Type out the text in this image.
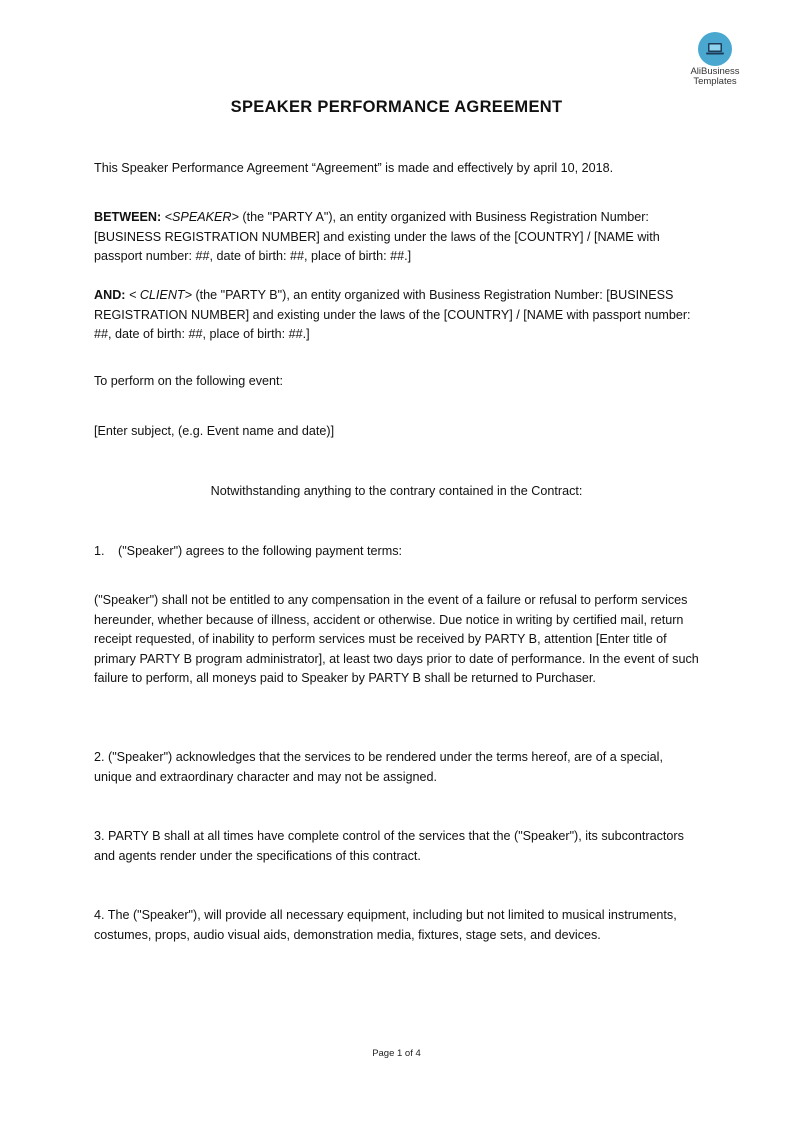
AliBusiness
Templates
SPEAKER PERFORMANCE AGREEMENT

This Speaker Performance Agreement “Agreement” is made and effectively by april 10, 2018.

BETWEEN: <SPEAKER> (the "PARTY A"), an entity organized with Business Registration Number: [BUSINESS REGISTRATION NUMBER] and existing under the laws of the [COUNTRY] / [NAME with passport number: ##, date of birth: ##, place of birth: ##.]

AND: < CLIENT> (the "PARTY B"), an entity organized with Business Registration Number: [BUSINESS REGISTRATION NUMBER] and existing under the laws of the [COUNTRY] / [NAME with passport number: ##, date of birth: ##, place of birth: ##.]

To perform on the following event:

[Enter subject, (e.g. Event name and date)]

Notwithstanding anything to the contrary contained in the Contract:

1. ("Speaker") agrees to the following payment terms:

("Speaker") shall not be entitled to any compensation in the event of a failure or refusal to perform services hereunder, whether because of illness, accident or otherwise. Due notice in writing by certified mail, return receipt requested, of inability to perform services must be received by PARTY B, attention [Enter title of primary PARTY B program administrator], at least two days prior to date of performance. In the event of such failure to perform, all moneys paid to Speaker by PARTY B shall be returned to Purchaser.

2. ("Speaker") acknowledges that the services to be rendered under the terms hereof, are of a special, unique and extraordinary character and may not be assigned.

3. PARTY B shall at all times have complete control of the services that the ("Speaker"), its subcontractors and agents render under the specifications of this contract.

4. The ("Speaker"), will provide all necessary equipment, including but not limited to musical instruments, costumes, props, audio visual aids, demonstration media, fixtures, stage sets, and devices.

Page 1 of 4
